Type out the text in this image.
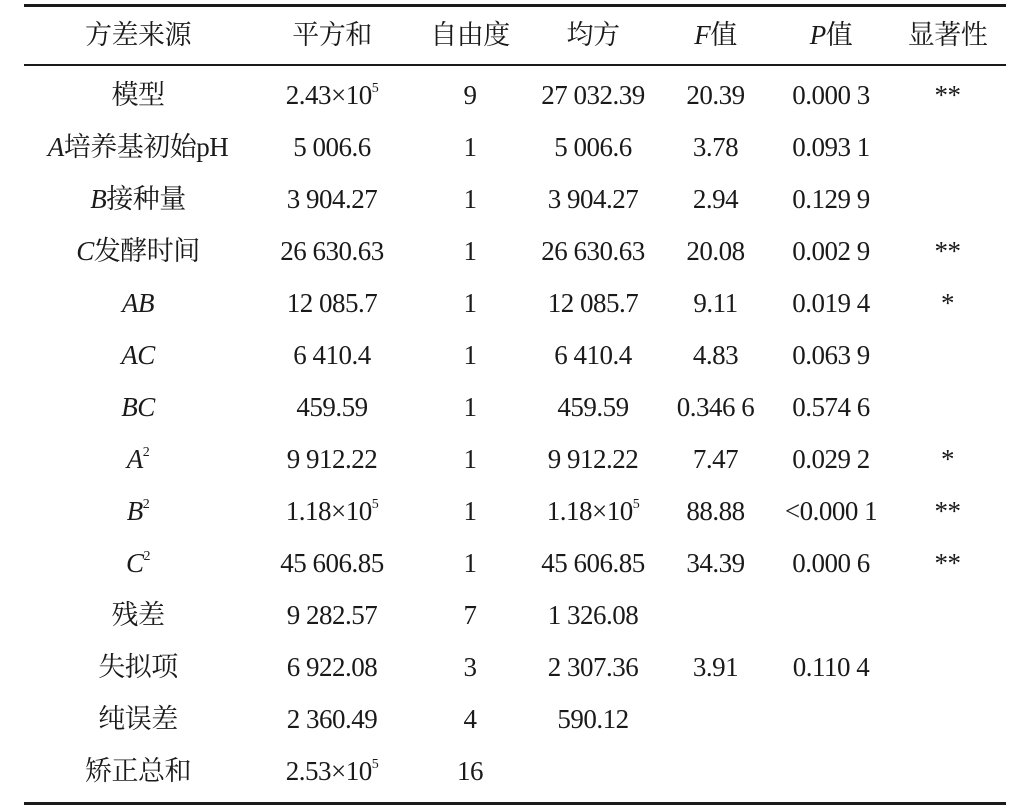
方差来源	平方和	自由度	均方	F值	P值	显著性
模型	$2.43\times 10^5$	9	27 032.39	20.39	0.000 3	**
A培养基初始pH	5 006.6	1	5 006.6	3.78	0.093 1
B接种量	3 904.27	1	3 904.27	2.94	0.129 9
C发酵时间	26 630.63	1	26 630.63	20.08	0.002 9	**
AB	12 085.7	1	12 085.7	9.11	0.019 4	*
AC	6 410.4	1	6 410.4	4.83	0.063 9
BC	459.59	1	459.59	0.346 6	0.574 6
$A^2$	9 912.22	1	9 912.22	7.47	0.029 2	*
$B^2$	$1.18\times 10^5$	1	$1.18\times 10^5$	88.88	<0.000 1	**
$C^2$	45 606.85	1	45 606.85	34.39	0.000 6	**
残差	9 282.57	7	1 326.08
失拟项	6 922.08	3	2 307.36	3.91	0.110 4
纯误差	2 360.49	4	590.12
矫正总和	$2.53\times 10^5$	16
